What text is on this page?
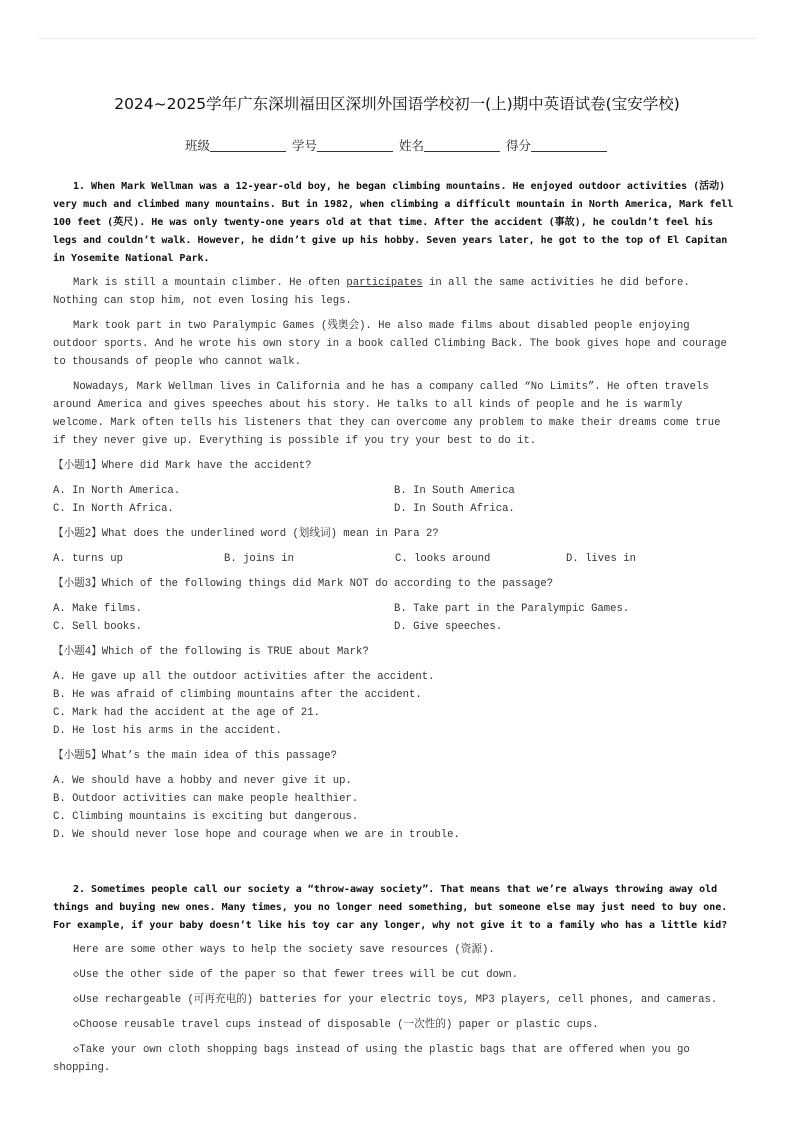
2024~2025学年广东深圳福田区深圳外国语学校初一(上)期中英语试卷(宝安学校)
班级	学号	姓名	得分

1. When Mark Wellman was a 12-year-old boy, he began climbing mountains. He enjoyed outdoor activities (活动) very much and climbed many mountains. But in 1982, when climbing a difficult mountain in North America, Mark fell 100 feet (英尺). He was only twenty-one years old at that time. After the accident (事故), he couldn’t feel his legs and couldn’t walk. However, he didn’t give up his hobby. Seven years later, he got to the top of El Capitan in Yosemite National Park.

Mark is still a mountain climber. He often participates in all the same activities he did before. Nothing can stop him, not even losing his legs.

Mark took part in two Paralympic Games (残奥会). He also made films about disabled people enjoying outdoor sports. And he wrote his own story in a book called Climbing Back. The book gives hope and courage to thousands of people who cannot walk.

Nowadays, Mark Wellman lives in California and he has a company called “No Limits”. He often travels around America and gives speeches about his story. He talks to all kinds of people and he is warmly welcome. Mark often tells his listeners that they can overcome any problem to make their dreams come true if they never give up. Everything is possible if you try your best to do it.

【小题1】Where did Mark have the accident?
A. In North America.	B. In South America
C. In North Africa.	D. In South Africa.
【小题2】What does the underlined word (划线词) mean in Para 2?
A. turns up	B. joins in	C. looks around	D. lives in
【小题3】Which of the following things did Mark NOT do according to the passage?
A. Make films.	B. Take part in the Paralympic Games.
C. Sell books.	D. Give speeches.
【小题4】Which of the following is TRUE about Mark?
A. He gave up all the outdoor activities after the accident.
B. He was afraid of climbing mountains after the accident.
C. Mark had the accident at the age of 21.
D. He lost his arms in the accident.
【小题5】What’s the main idea of this passage?
A. We should have a hobby and never give it up.
B. Outdoor activities can make people healthier.
C. Climbing mountains is exciting but dangerous.
D. We should never lose hope and courage when we are in trouble.

2. Sometimes people call our society a “throw-away society”. That means that we’re always throwing away old things and buying new ones. Many times, you no longer need something, but someone else may just need to buy one. For example, if your baby doesn’t like his toy car any longer, why not give it to a family who has a little kid?

Here are some other ways to help the society save resources (资源).

◇Use the other side of the paper so that fewer trees will be cut down.

◇Use rechargeable (可再充电的) batteries for your electric toys, MP3 players, cell phones, and cameras.

◇Choose reusable travel cups instead of disposable (一次性的) paper or plastic cups.

◇Take your own cloth shopping bags instead of using the plastic bags that are offered when you go shopping.
